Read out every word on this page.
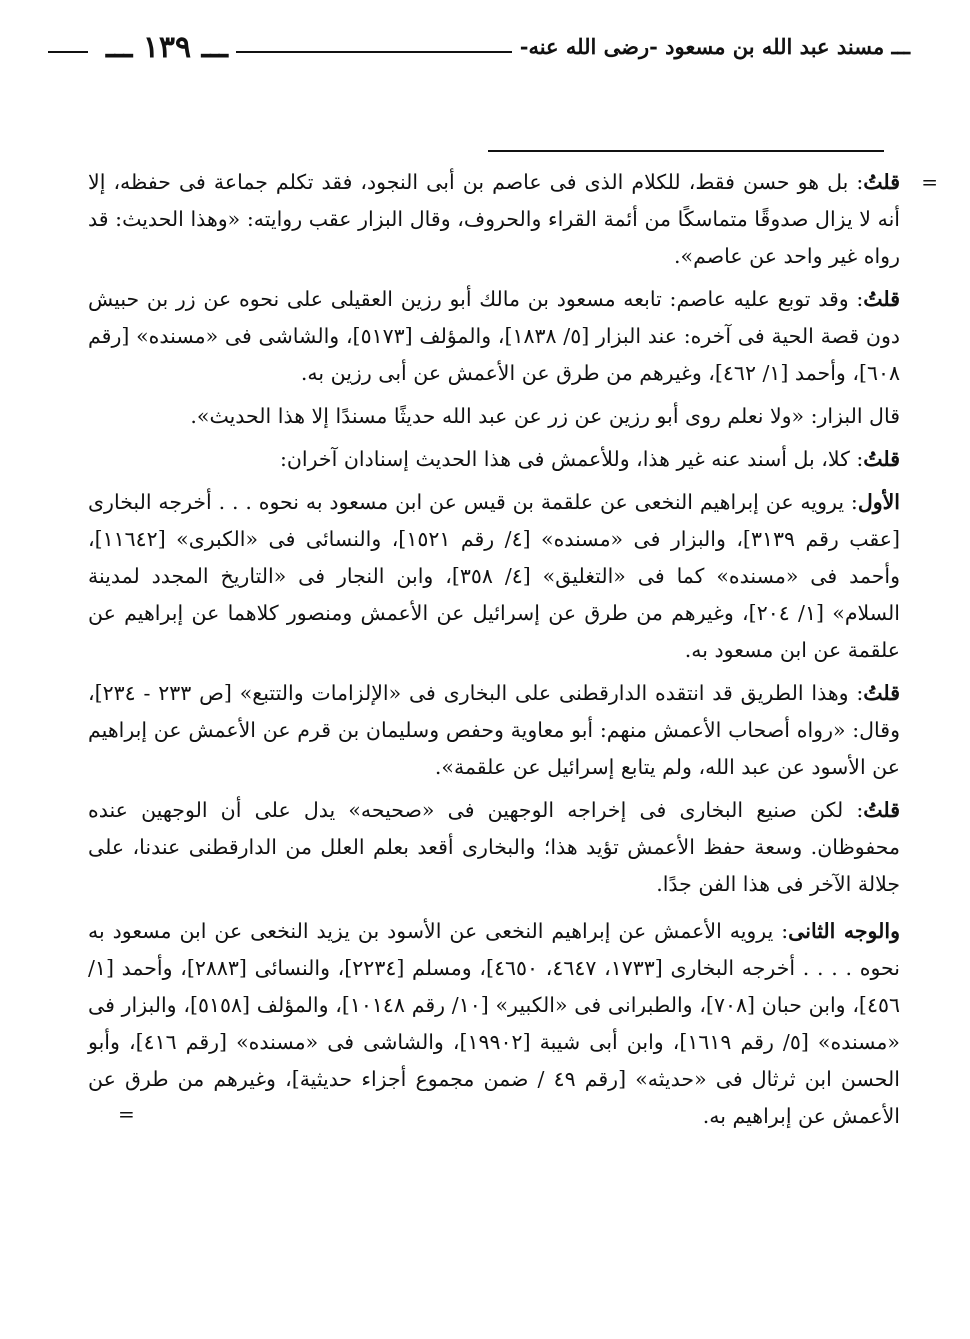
ـــ مسند عبد الله بن مسعود -رضى الله عنه-
ـــ ١٣٩ ـــ
=

قلتُ: بل هو حسن فقط، للكلام الذى فى عاصم بن أبى النجود، فقد تكلم جماعة فى حفظه، إلا أنه لا يزال صدوقًا متماسكًا من أئمة القراء والحروف، وقال البزار عقب روايته: «وهذا الحديث: قد رواه غير واحد عن عاصم».

قلتُ: وقد توبع عليه عاصم: تابعه مسعود بن مالك أبو رزين العقيلى على نحوه عن زر بن حبيش دون قصة الحية فى آخره: عند البزار [٥/ ١٨٣٨]، والمؤلف [٥١٧٣]، والشاشى فى «مسنده» [رقم ٦٠٨]، وأحمد [١/ ٤٦٢]، وغيرهم من طرق عن الأعمش عن أبى رزين به.

قال البزار: «ولا نعلم روى أبو رزين عن زر عن عبد الله حديثًا مسندًا إلا هذا الحديث».

قلتُ: كلا، بل أسند عنه غير هذا، وللأعمش فى هذا الحديث إسنادان آخران:

الأول: يرويه عن إبراهيم النخعى عن علقمة بن قيس عن ابن مسعود به نحوه . . . أخرجه البخارى [عقب رقم ٣١٣٩]، والبزار فى «مسنده» [٤/ رقم ١٥٢١]، والنسائى فى «الكبرى» [١١٦٤٢]، وأحمد فى «مسنده» كما فى «التغليق» [٤/ ٣٥٨]، وابن النجار فى «التاريخ المجدد لمدينة السلام» [١/ ٢٠٤]، وغيرهم من طرق عن إسرائيل عن الأعمش ومنصور كلاهما عن إبراهيم عن علقمة عن ابن مسعود به.

قلتُ: وهذا الطريق قد انتقده الدارقطنى على البخارى فى «الإلزامات والتتبع» [ص ٢٣٣ - ٢٣٤]، وقال: «رواه أصحاب الأعمش منهم: أبو معاوية وحفص وسليمان بن قرم عن الأعمش عن إبراهيم عن الأسود عن عبد الله، ولم يتابع إسرائيل عن علقمة».

قلتُ: لكن صنيع البخارى فى إخراجه الوجهين فى «صحيحه» يدل على أن الوجهين عنده محفوظان. وسعة حفظ الأعمش تؤيد هذا؛ والبخارى أقعد بعلم العلل من الدارقطنى عندنا، على جلالة الآخر فى هذا الفن جدًا.

والوجه الثانى: يرويه الأعمش عن إبراهيم النخعى عن الأسود بن يزيد النخعى عن ابن مسعود به نحوه . . . . أخرجه البخارى [١٧٣٣، ٤٦٤٧، ٤٦٥٠]، ومسلم [٢٢٣٤]، والنسائى [٢٨٨٣]، وأحمد [١/ ٤٥٦]، وابن حبان [٧٠٨]، والطبرانى فى «الكبير» [١٠/ رقم ١٠١٤٨]، والمؤلف [٥١٥٨]، والبزار فى «مسنده» [٥/ رقم ١٦١٩]، وابن أبى شيبة [١٩٩٠٢]، والشاشى فى «مسنده» [رقم ٤١٦]، وأبو الحسن ابن ثرثال فى «حديثه» [رقم ٤٩ / ضمن مجموع أجزاء حديثية]، وغيرهم من طرق عن الأعمش عن إبراهيم به.
=
